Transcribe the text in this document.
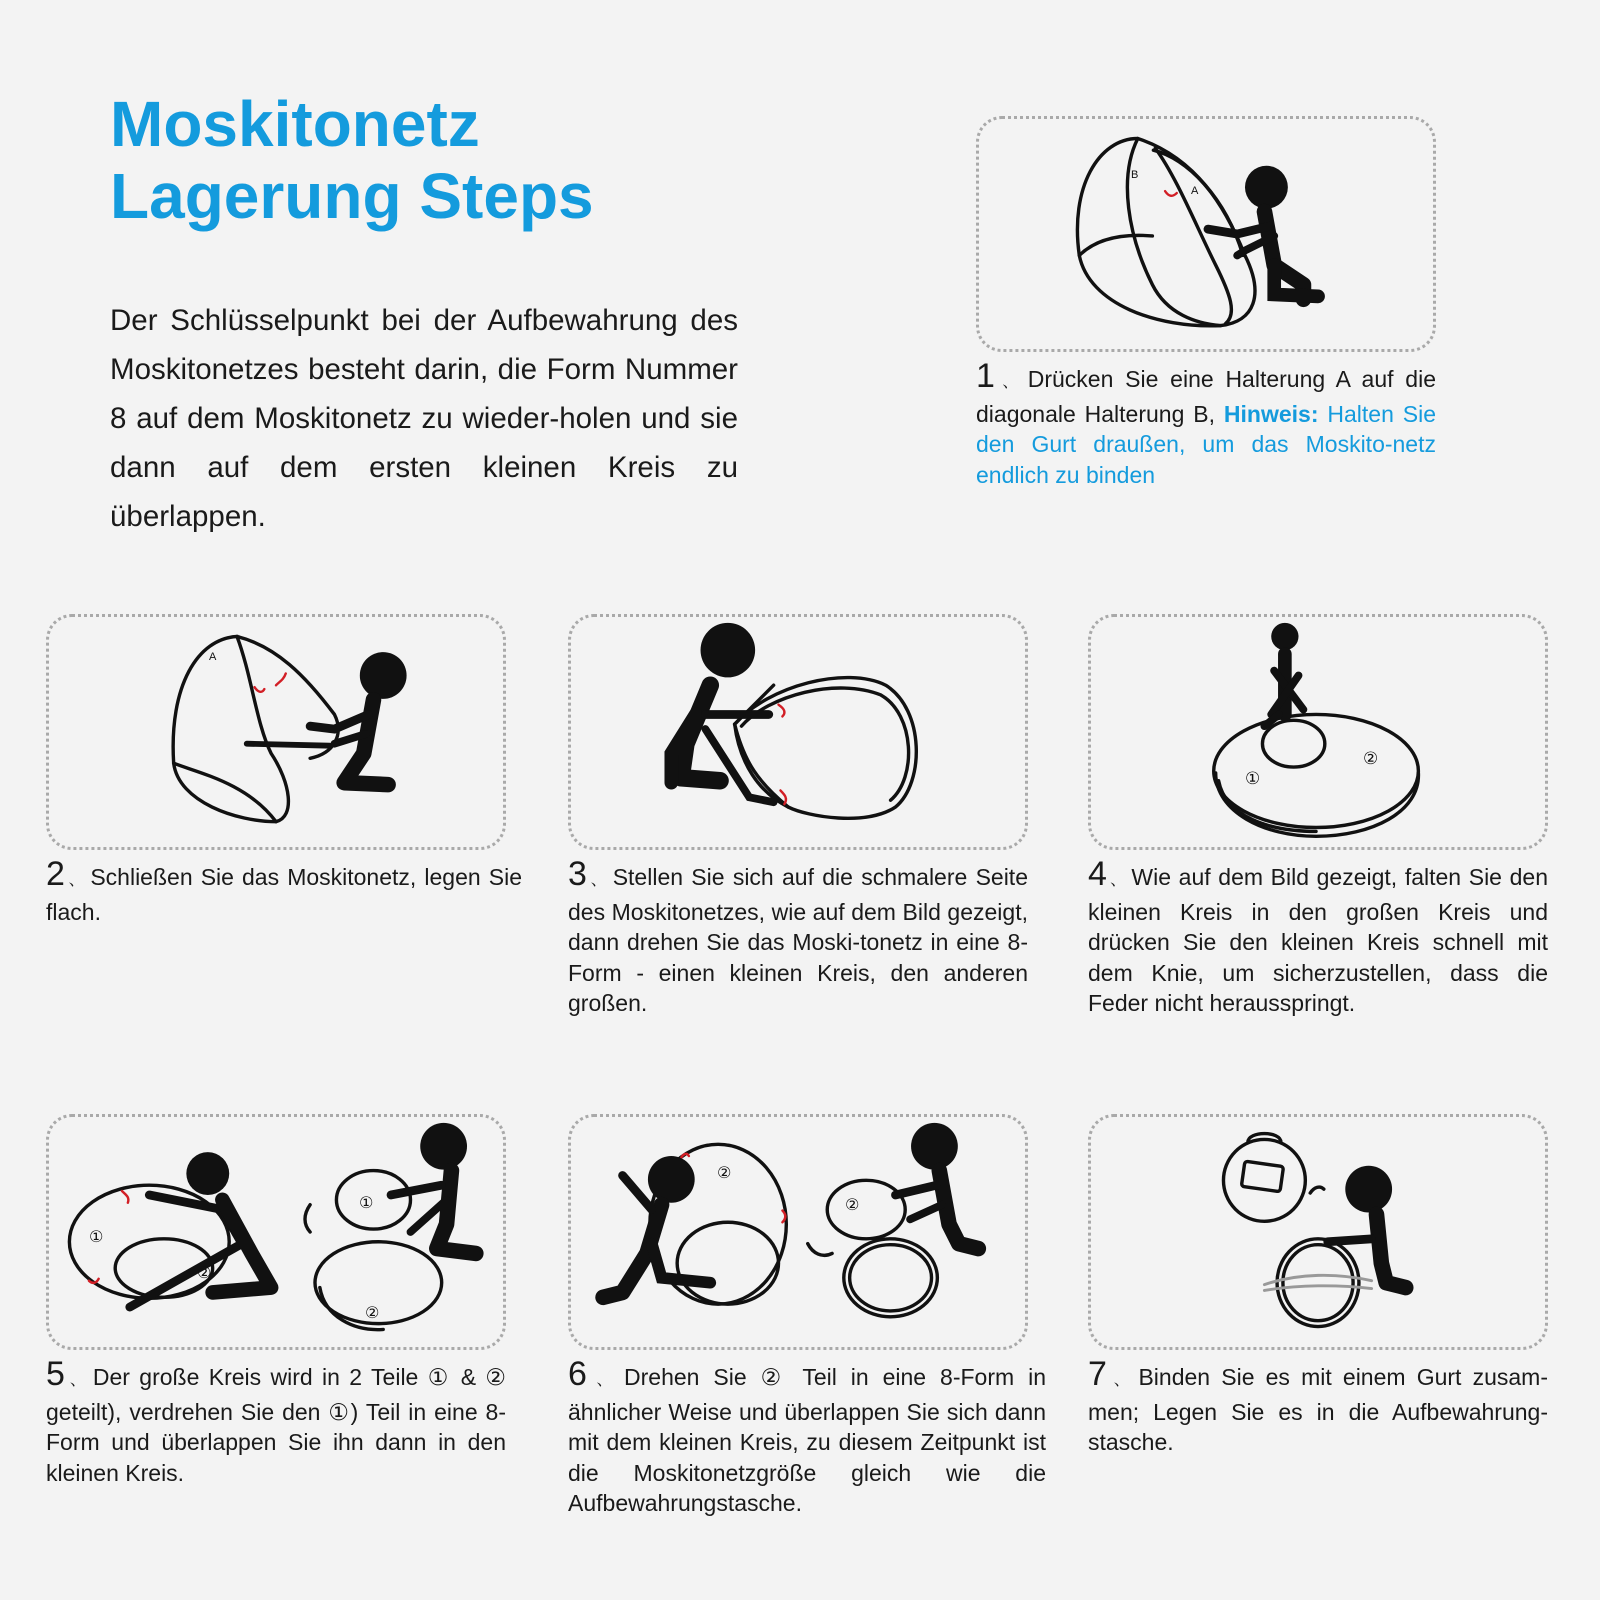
Moskitonetz
Lagerung Steps

Der Schlüsselpunkt bei der Aufbewahrung des Moskitonetzes besteht darin, die Form Nummer 8 auf dem Moskitonetz zu wieder-holen und sie dann auf dem ersten kleinen Kreis zu überlappen.

B
A

1 、 Drücken Sie eine Halterung A auf die diagonale Halterung B, Hinweis: Halten Sie den Gurt draußen, um das Moskito-netz endlich zu binden

A

2 、 Schließen Sie das Moskitonetz, legen Sie flach.

3 、 Stellen Sie sich auf die schmalere Seite des Moskitonetzes, wie auf dem Bild gezeigt, dann drehen Sie das Moski-tonetz in eine 8-Form - einen kleinen Kreis, den anderen großen.

①
②

4 、 Wie auf dem Bild gezeigt, falten Sie den kleinen Kreis in den großen Kreis und drücken Sie den kleinen Kreis schnell mit dem Knie, um sicherzustellen, dass die Feder nicht herausspringt.

①
②
①
②

5 、 Der große Kreis wird in 2 Teile ① & ② geteilt), verdrehen Sie den ①) Teil in eine 8-Form und überlappen Sie ihn dann in den kleinen Kreis.

②
②

6 、 Drehen Sie ② Teil in eine 8-Form in ähnlicher Weise und überlappen Sie sich dann mit dem kleinen Kreis, zu diesem Zeitpunkt ist die Moskitonetzgröße gleich wie die Aufbewahrungstasche.

7 、 Binden Sie es mit einem Gurt zusam-men; Legen Sie es in die Aufbewahrung-stasche.
